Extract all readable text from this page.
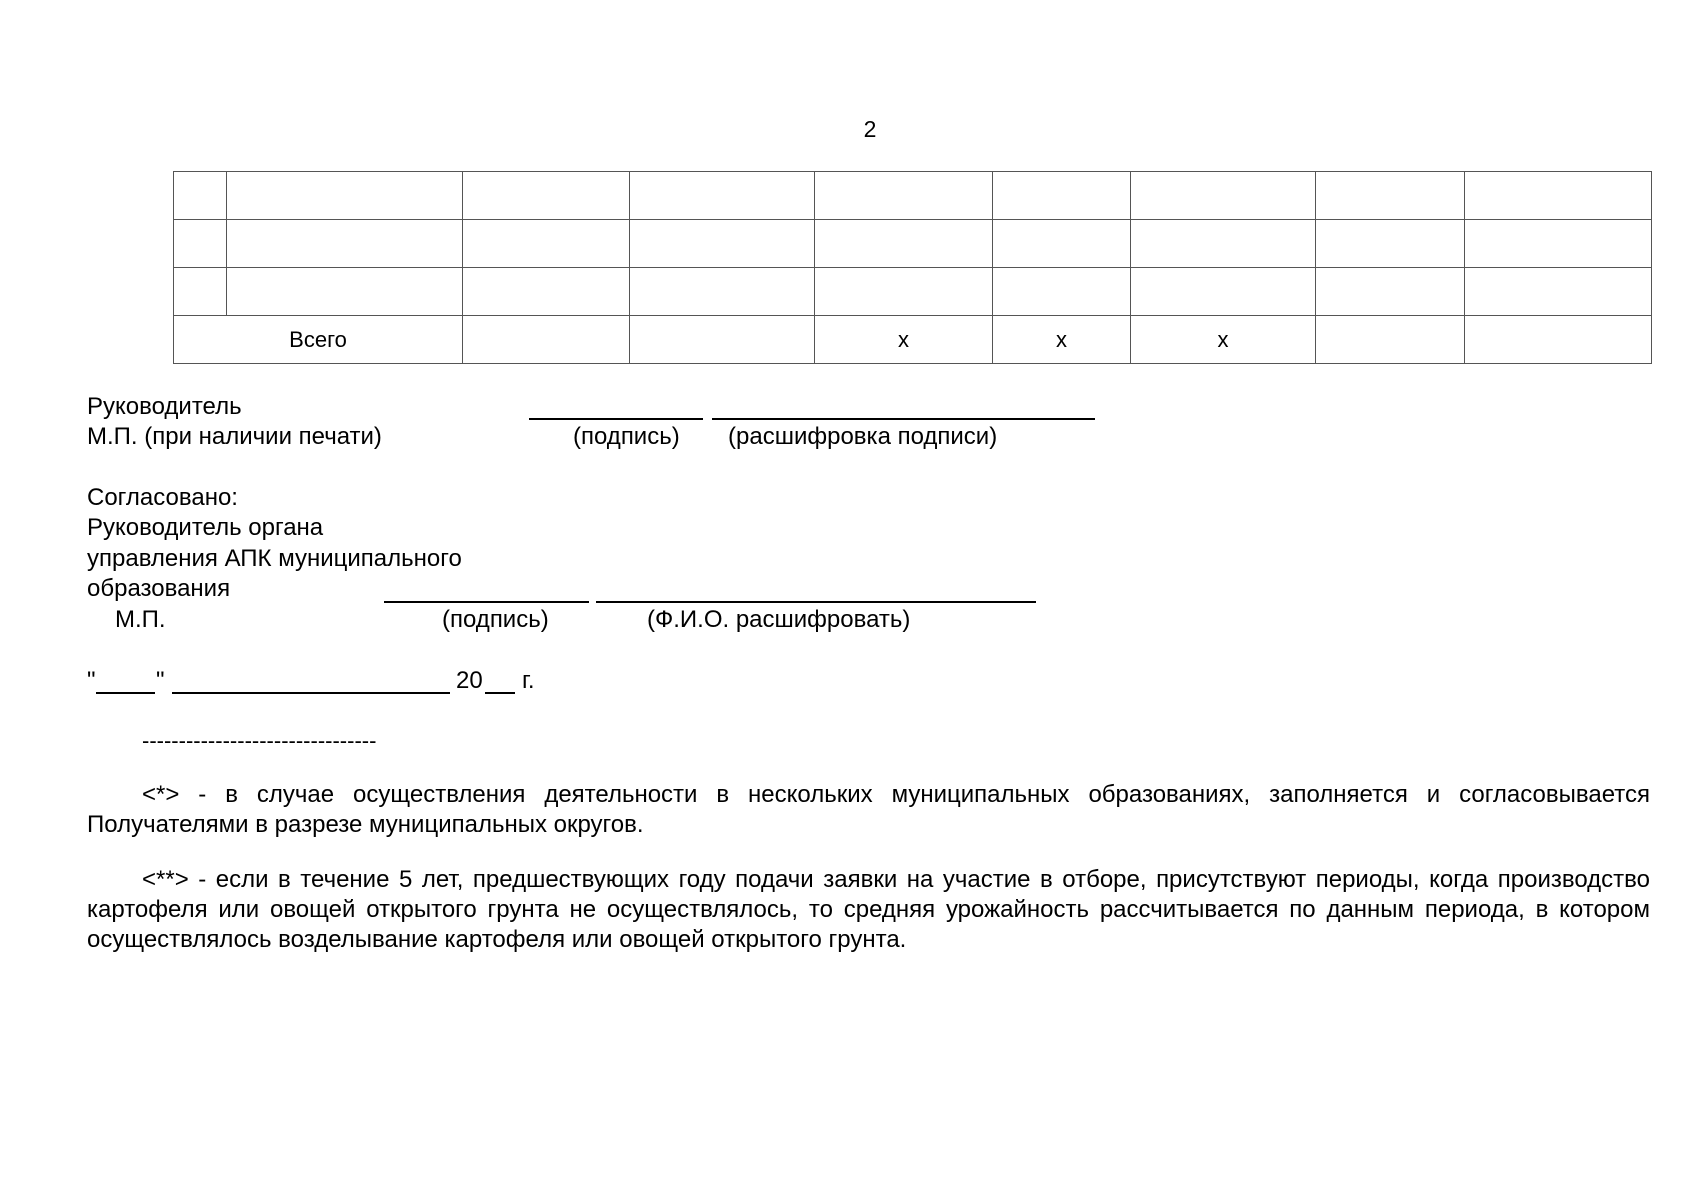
2

Всего				x	x	x		
Руководитель
М.П. (при наличии печати)	(подпись) (расшифровка подписи)
Согласовано:
Руководитель органа
управления АПК муниципального
образования
М.П.	(подпись)	(Ф.И.О. расшифровать)
"	"	20 г.
--------------------------------
<*> - в случае осуществления деятельности в нескольких муниципальных образованиях, заполняется и согласовывается Получателями в разрезе муниципальных округов.
<**> - если в течение 5 лет, предшествующих году подачи заявки на участие в отборе, присутствуют периоды, когда производство картофеля или овощей открытого грунта не осуществлялось, то средняя урожайность рассчитывается по данным периода, в котором осуществлялось возделывание картофеля или овощей открытого грунта.
